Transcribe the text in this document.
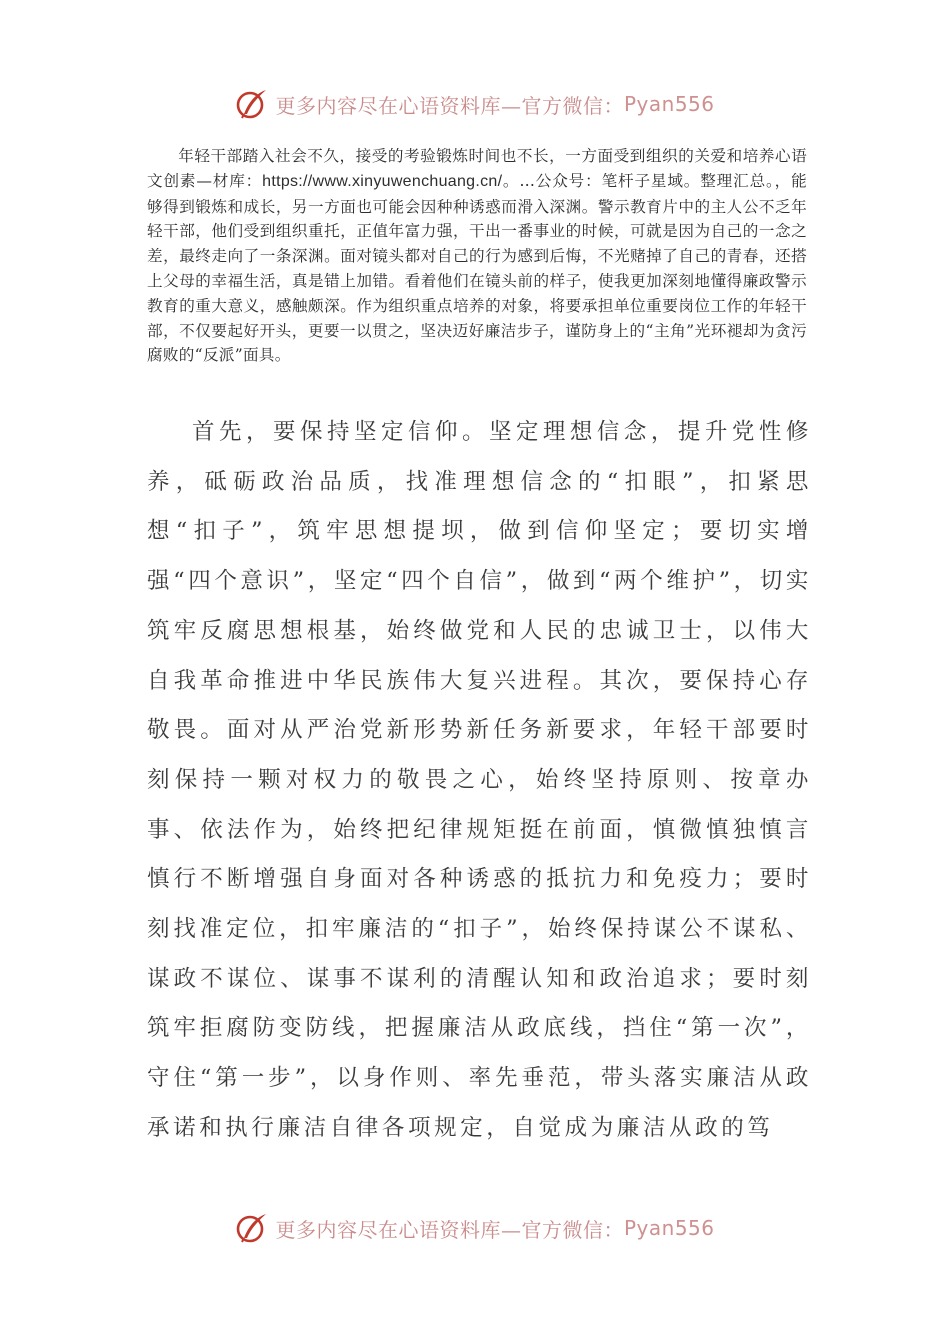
更多内容尽在心语资料库—官方微信： Pyan556

年轻干部踏入社会不久，接受的考验锻炼时间也不长，一方面受到组织的关爱和培养心语文创素—材库：https://www.xinyuwenchuang.cn/。…公众号：笔杆子星域。整理汇总。，能够得到锻炼和成长，另一方面也可能会因种种诱惑而滑入深渊。警示教育片中的主人公不乏年轻干部，他们受到组织重托，正值年富力强，干出一番事业的时候，可就是因为自己的一念之差，最终走向了一条深渊。面对镜头都对自己的行为感到后悔，不光赌掉了自己的青春，还搭上父母的幸福生活，真是错上加错。看着他们在镜头前的样子，使我更加深刻地懂得廉政警示教育的重大意义，感触颇深。作为组织重点培养的对象，将要承担单位重要岗位工作的年轻干部，不仅要起好开头，更要一以贯之，坚决迈好廉洁步子，谨防身上的“主角”光环褪却为贪污腐败的“反派”面具。

首先，要保持坚定信仰。坚定理想信念，提升党性修养，砥砺政治品质，找准理想信念的“扣眼”，扣紧思想“扣子”，筑牢思想提坝，做到信仰坚定；要切实增强“四个意识”，坚定“四个自信”，做到“两个维护”，切实筑牢反腐思想根基，始终做党和人民的忠诚卫士，以伟大自我革命推进中华民族伟大复兴进程。其次，要保持心存敬畏。面对从严治党新形势新任务新要求，年轻干部要时刻保持一颗对权力的敬畏之心，始终坚持原则、按章办事、依法作为，始终把纪律规矩挺在前面，慎微慎独慎言慎行不断增强自身面对各种诱惑的抵抗力和免疫力；要时刻找准定位，扣牢廉洁的“扣子”，始终保持谋公不谋私、谋政不谋位、谋事不谋利的清醒认知和政治追求；要时刻筑牢拒腐防变防线，把握廉洁从政底线，挡住“第一次”，守住“第一步”，以身作则、率先垂范，带头落实廉洁从政承诺和执行廉洁自律各项规定，自觉成为廉洁从政的笃

更多内容尽在心语资料库—官方微信： Pyan556
